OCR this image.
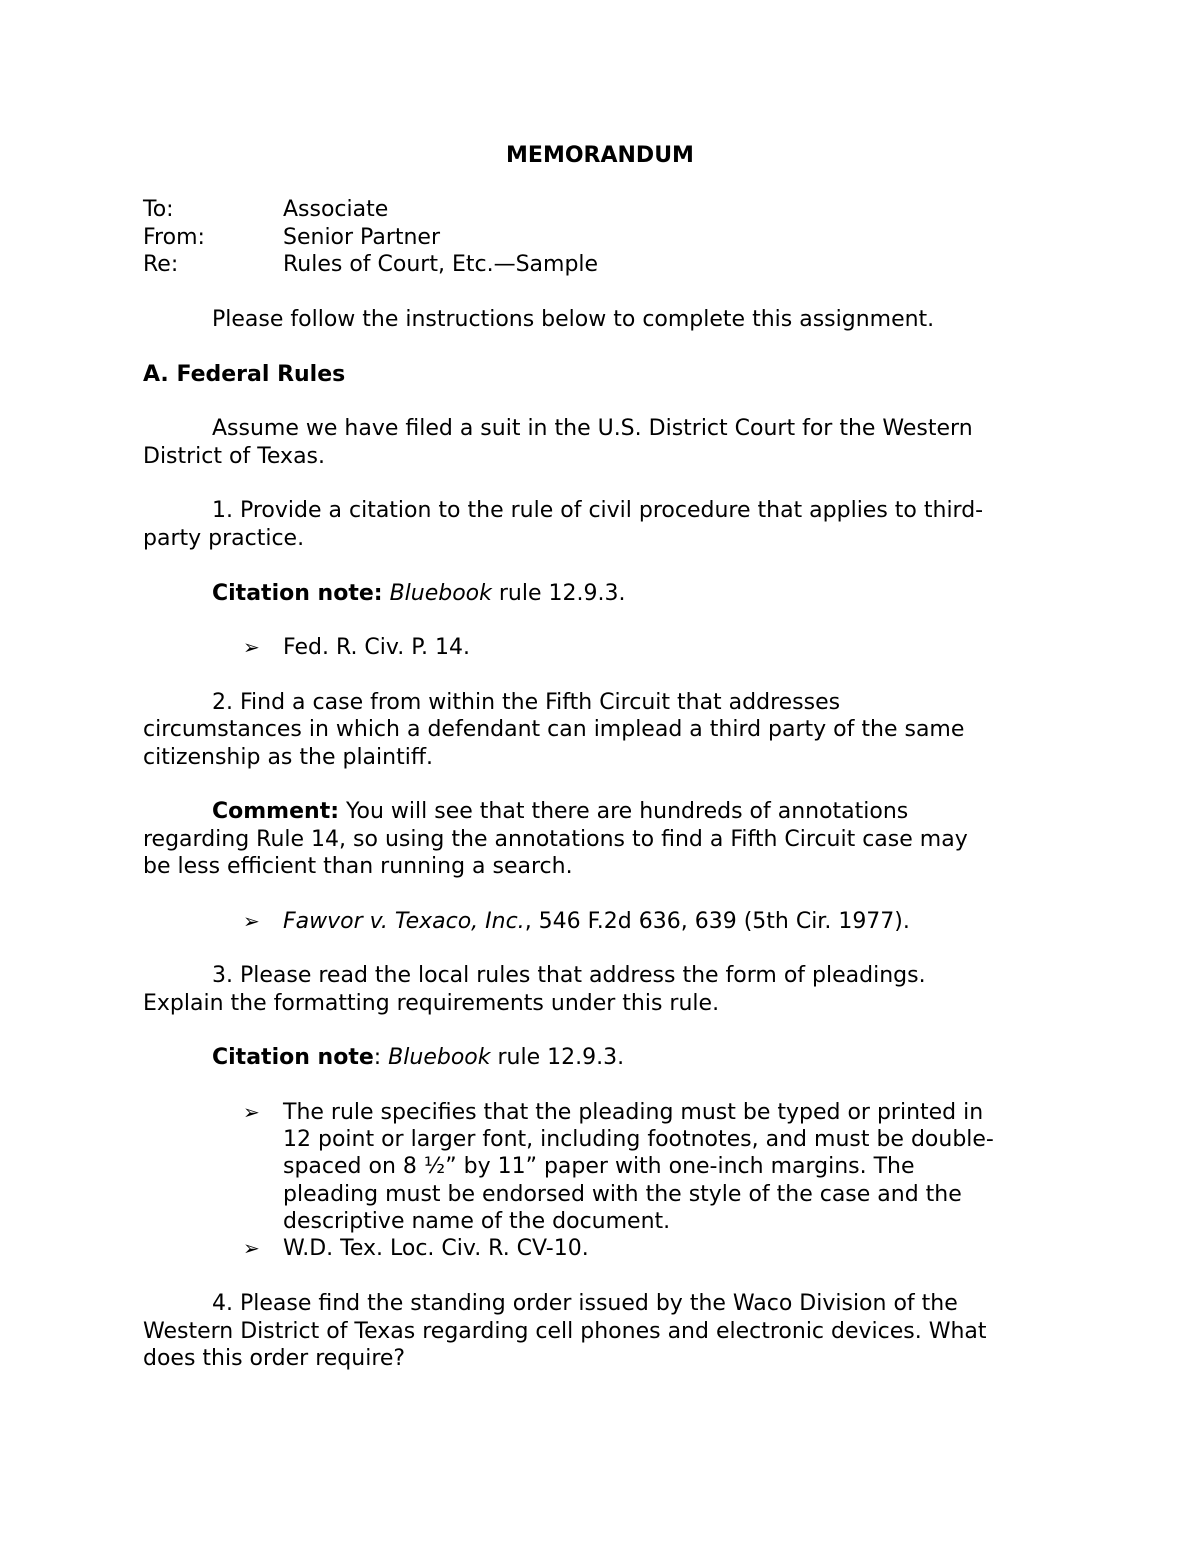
MEMORANDUM
To:	Associate
From:	Senior Partner
Re:	Rules of Court, Etc.—Sample
Please follow the instructions below to complete this assignment.
A. Federal Rules
Assume we have filed a suit in the U.S. District Court for the Western
District of Texas.
1. Provide a citation to the rule of civil procedure that applies to third-
party practice.
Citation note: Bluebook rule 12.9.3.
➢ Fed. R. Civ. P. 14.
2. Find a case from within the Fifth Circuit that addresses
circumstances in which a defendant can implead a third party of the same
citizenship as the plaintiff.
Comment: You will see that there are hundreds of annotations
regarding Rule 14, so using the annotations to find a Fifth Circuit case may
be less efficient than running a search.
➢ Fawvor v. Texaco, Inc., 546 F.2d 636, 639 (5th Cir. 1977).
3. Please read the local rules that address the form of pleadings.
Explain the formatting requirements under this rule.
Citation note: Bluebook rule 12.9.3.
➢ The rule specifies that the pleading must be typed or printed in
12 point or larger font, including footnotes, and must be double-
spaced on 8 ½” by 11” paper with one-inch margins. The
pleading must be endorsed with the style of the case and the
descriptive name of the document.
➢ W.D. Tex. Loc. Civ. R. CV-10.
4. Please find the standing order issued by the Waco Division of the
Western District of Texas regarding cell phones and electronic devices. What
does this order require?
